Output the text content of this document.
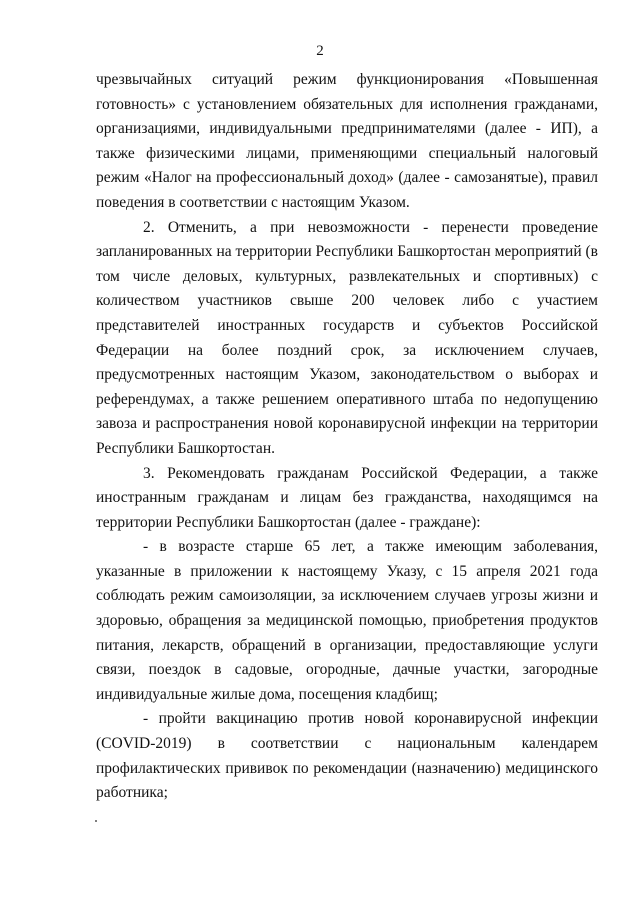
2

чрезвычайных ситуаций режим функционирования «Повышенная готовность» с установлением обязательных для исполнения гражданами, организациями, индивидуальными предпринимателями (далее - ИП), а также физическими лицами, применяющими специальный налоговый режим «Налог на профессиональный доход» (далее - самозанятые), правил поведения в соответствии с настоящим Указом.

2. Отменить, а при невозможности - перенести проведение запланированных на территории Республики Башкортостан мероприятий (в том числе деловых, культурных, развлекательных и спортивных) с количеством участников свыше 200 человек либо с участием представителей иностранных государств и субъектов Российской Федерации на более поздний срок, за исключением случаев, предусмотренных настоящим Указом, законодательством о выборах и референдумах, а также решением оперативного штаба по недопущению завоза и распространения новой коронавирусной инфекции на территории Республики Башкортостан.

3. Рекомендовать гражданам Российской Федерации, а также иностранным гражданам и лицам без гражданства, находящимся на территории Республики Башкортостан (далее - граждане):

- в возрасте старше 65 лет, а также имеющим заболевания, указанные в приложении к настоящему Указу, с 15 апреля 2021 года соблюдать режим самоизоляции, за исключением случаев угрозы жизни и здоровью, обращения за медицинской помощью, приобретения продуктов питания, лекарств, обращений в организации, предоставляющие услуги связи, поездок в садовые, огородные, дачные участки, загородные индивидуальные жилые дома, посещения кладбищ;

- пройти вакцинацию против новой коронавирусной инфекции (COVID-2019) в соответствии с национальным календарем профилактических прививок по рекомендации (назначению) медицинского работника;
